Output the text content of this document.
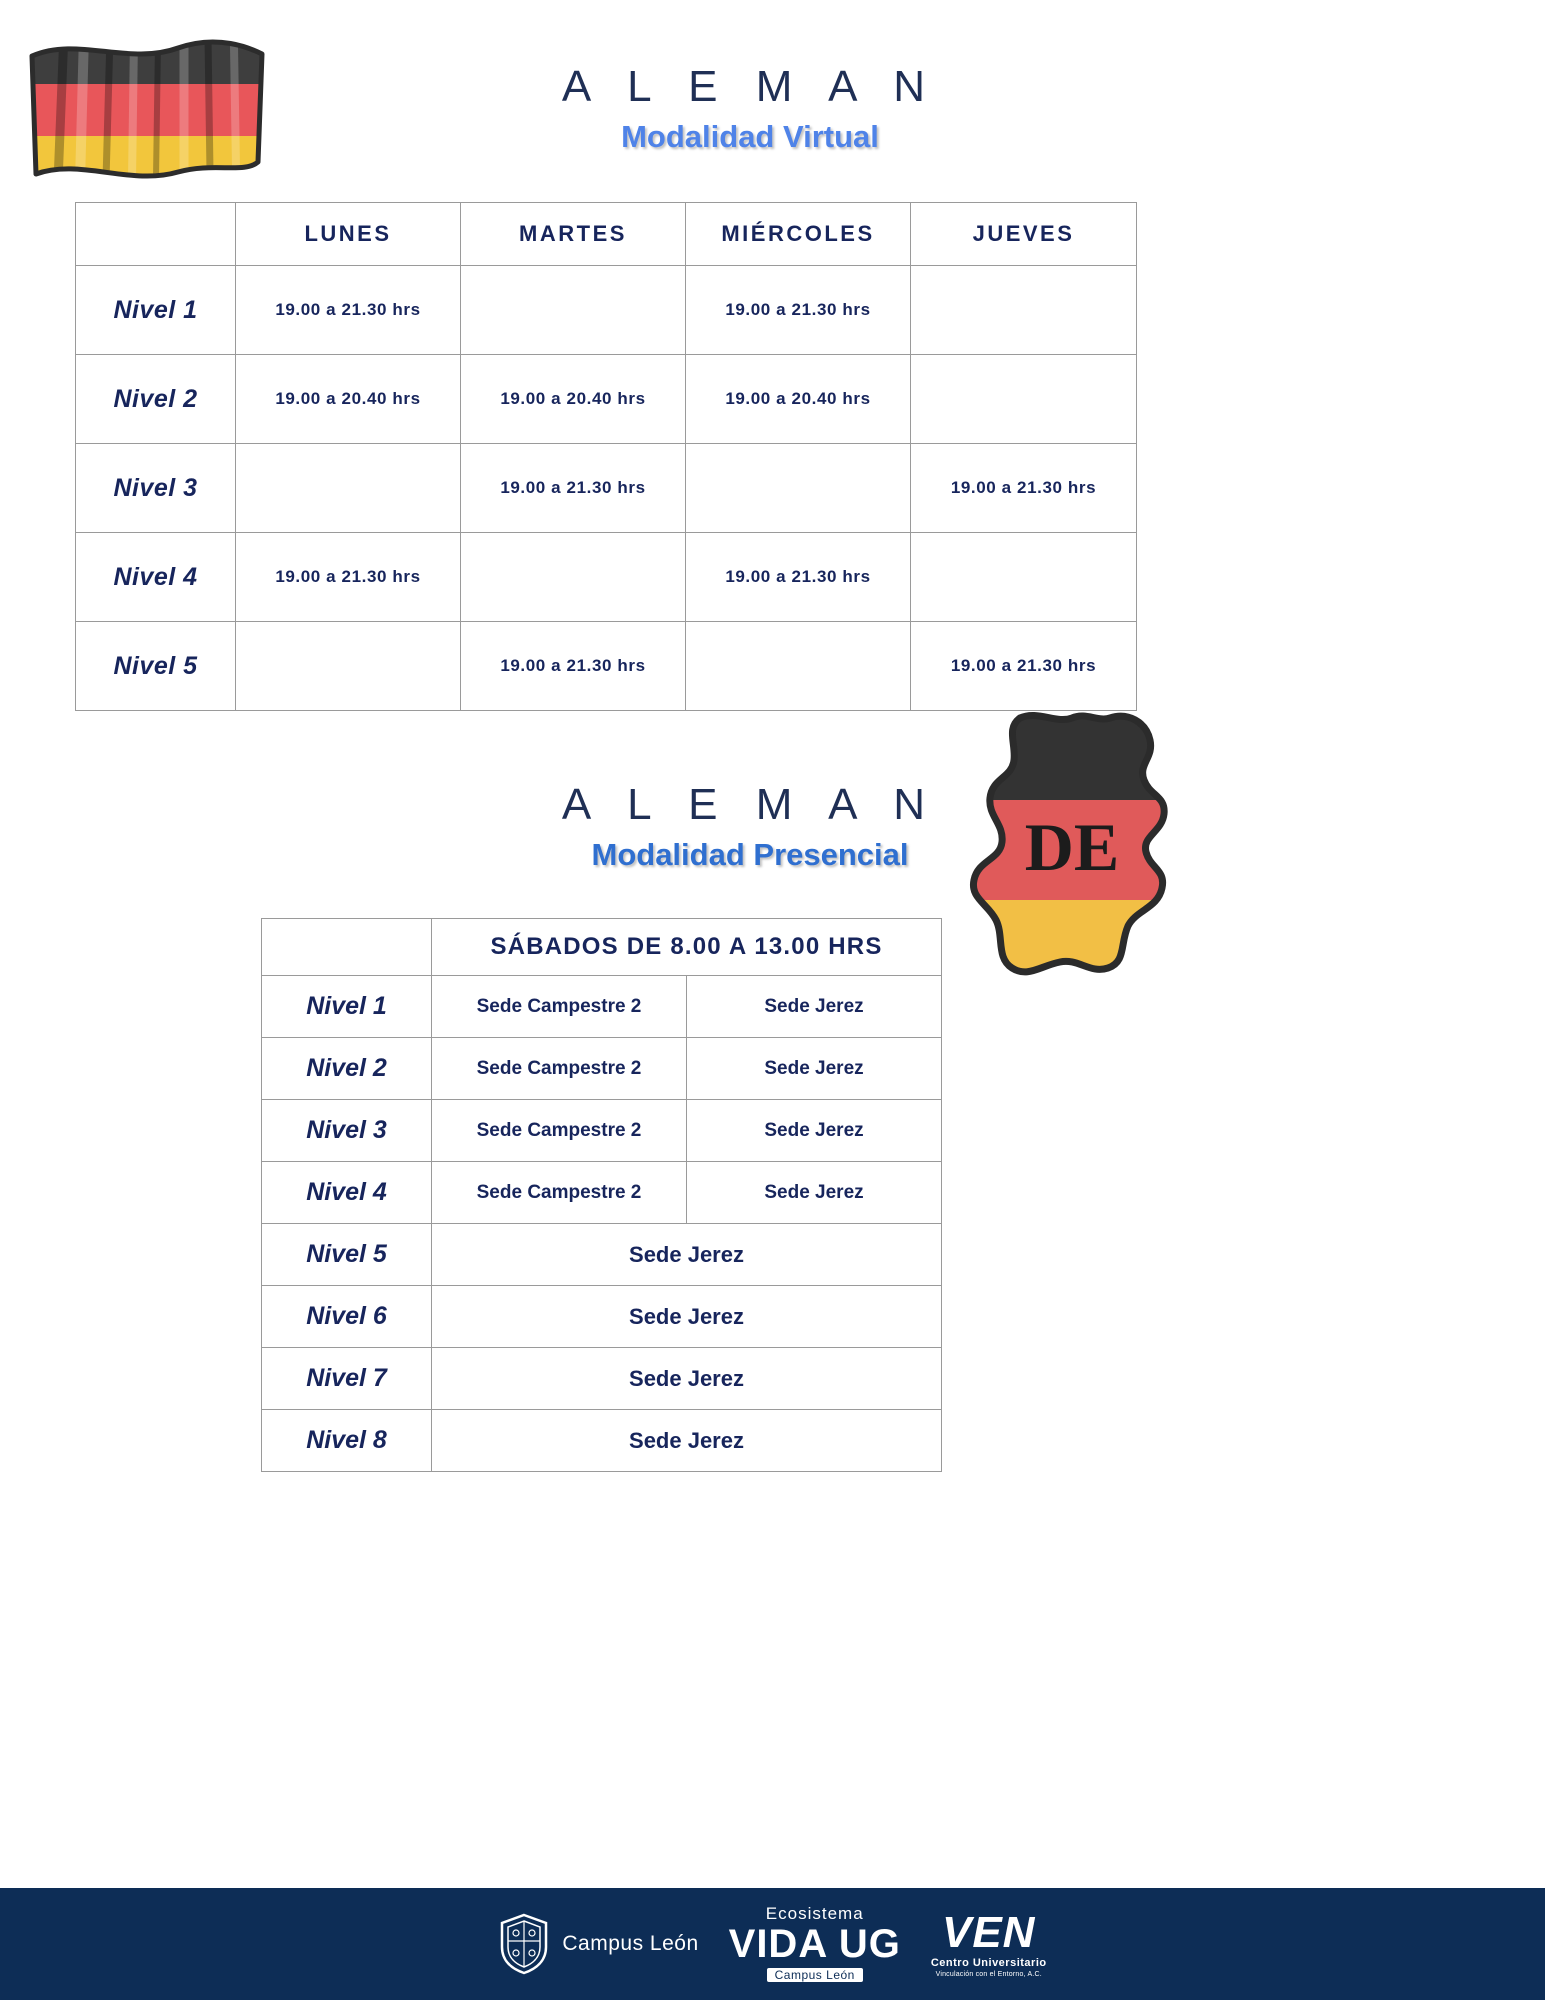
A L E M A N
Modalidad Virtual
	LUNES	MARTES	MIÉRCOLES	JUEVES
Nivel 1	19.00 a 21.30 hrs		19.00 a 21.30 hrs	
Nivel 2	19.00 a 20.40 hrs	19.00 a 20.40 hrs	19.00 a 20.40 hrs	
Nivel 3		19.00 a 21.30 hrs		19.00 a 21.30 hrs
Nivel 4	19.00 a 21.30 hrs		19.00 a 21.30 hrs	
Nivel 5		19.00 a 21.30 hrs		19.00 a 21.30 hrs
A L E M A N
Modalidad Presencial	DE
	SÁBADOS DE 8.00 A 13.00 HRS	
Nivel 1	Sede Campestre 2	Sede Jerez
Nivel 2	Sede Campestre 2	Sede Jerez
Nivel 3	Sede Campestre 2	Sede Jerez
Nivel 4	Sede Campestre 2	Sede Jerez
Nivel 5	Sede Jerez	
Nivel 6	Sede Jerez	
Nivel 7	Sede Jerez	
Nivel 8	Sede Jerez	
Campus León
Ecosistema
VIDA UG
Campus León
VEN
Centro Universitario
Vinculación con el Entorno, A.C.
